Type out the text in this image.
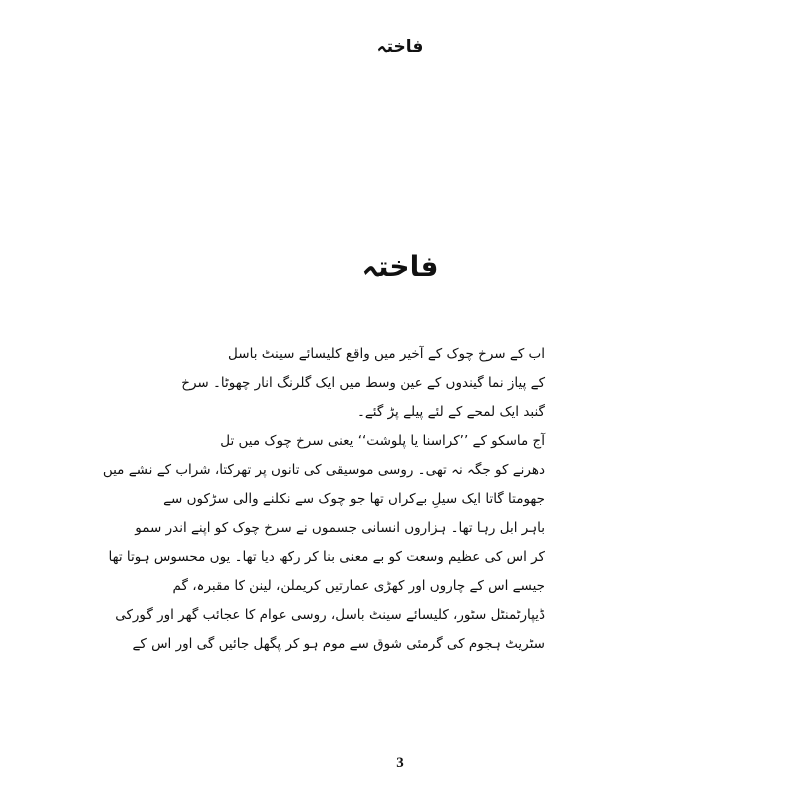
فاختہ
فاختہ
اب کے سرخ چوک کے آخیر میں واقع کلیسائے سینٹ باسل
کے پیاز نما گیندوں کے عین وسط میں ایک گلرنگ انار چھوٹا۔ سرخ
گنبد ایک لمحے کے لئے پیلے پڑ گئے۔
آج ماسکو کے ’’کراسنا یا پلوشت‘‘ یعنی سرخ چوک میں تل
دھرنے کو جگہ نہ تھی۔ روسی موسیقی کی تانوں پر تھرکتا، شراب کے نشے میں
جھومتا گاتا ایک سیلِ بےکراں تھا جو چوک سے نکلنے والی سڑکوں سے
باہر ابل رہا تھا۔ ہزاروں انسانی جسموں نے سرخ چوک کو اپنے اندر سمو
کر اس کی عظیم وسعت کو بے معنی بنا کر رکھ دیا تھا۔ یوں محسوس ہوتا تھا
جیسے اس کے چاروں اور کھڑی عمارتیں کریملن، لینن کا مقبرہ، گم
ڈیپارٹمنٹل سٹور، کلیسائے سینٹ باسل، روسی عوام کا عجائب گھر اور گورکی
سٹریٹ ہجوم کی گرمئی شوق سے موم ہو کر پگھل جائیں گی اور اس کے
3
